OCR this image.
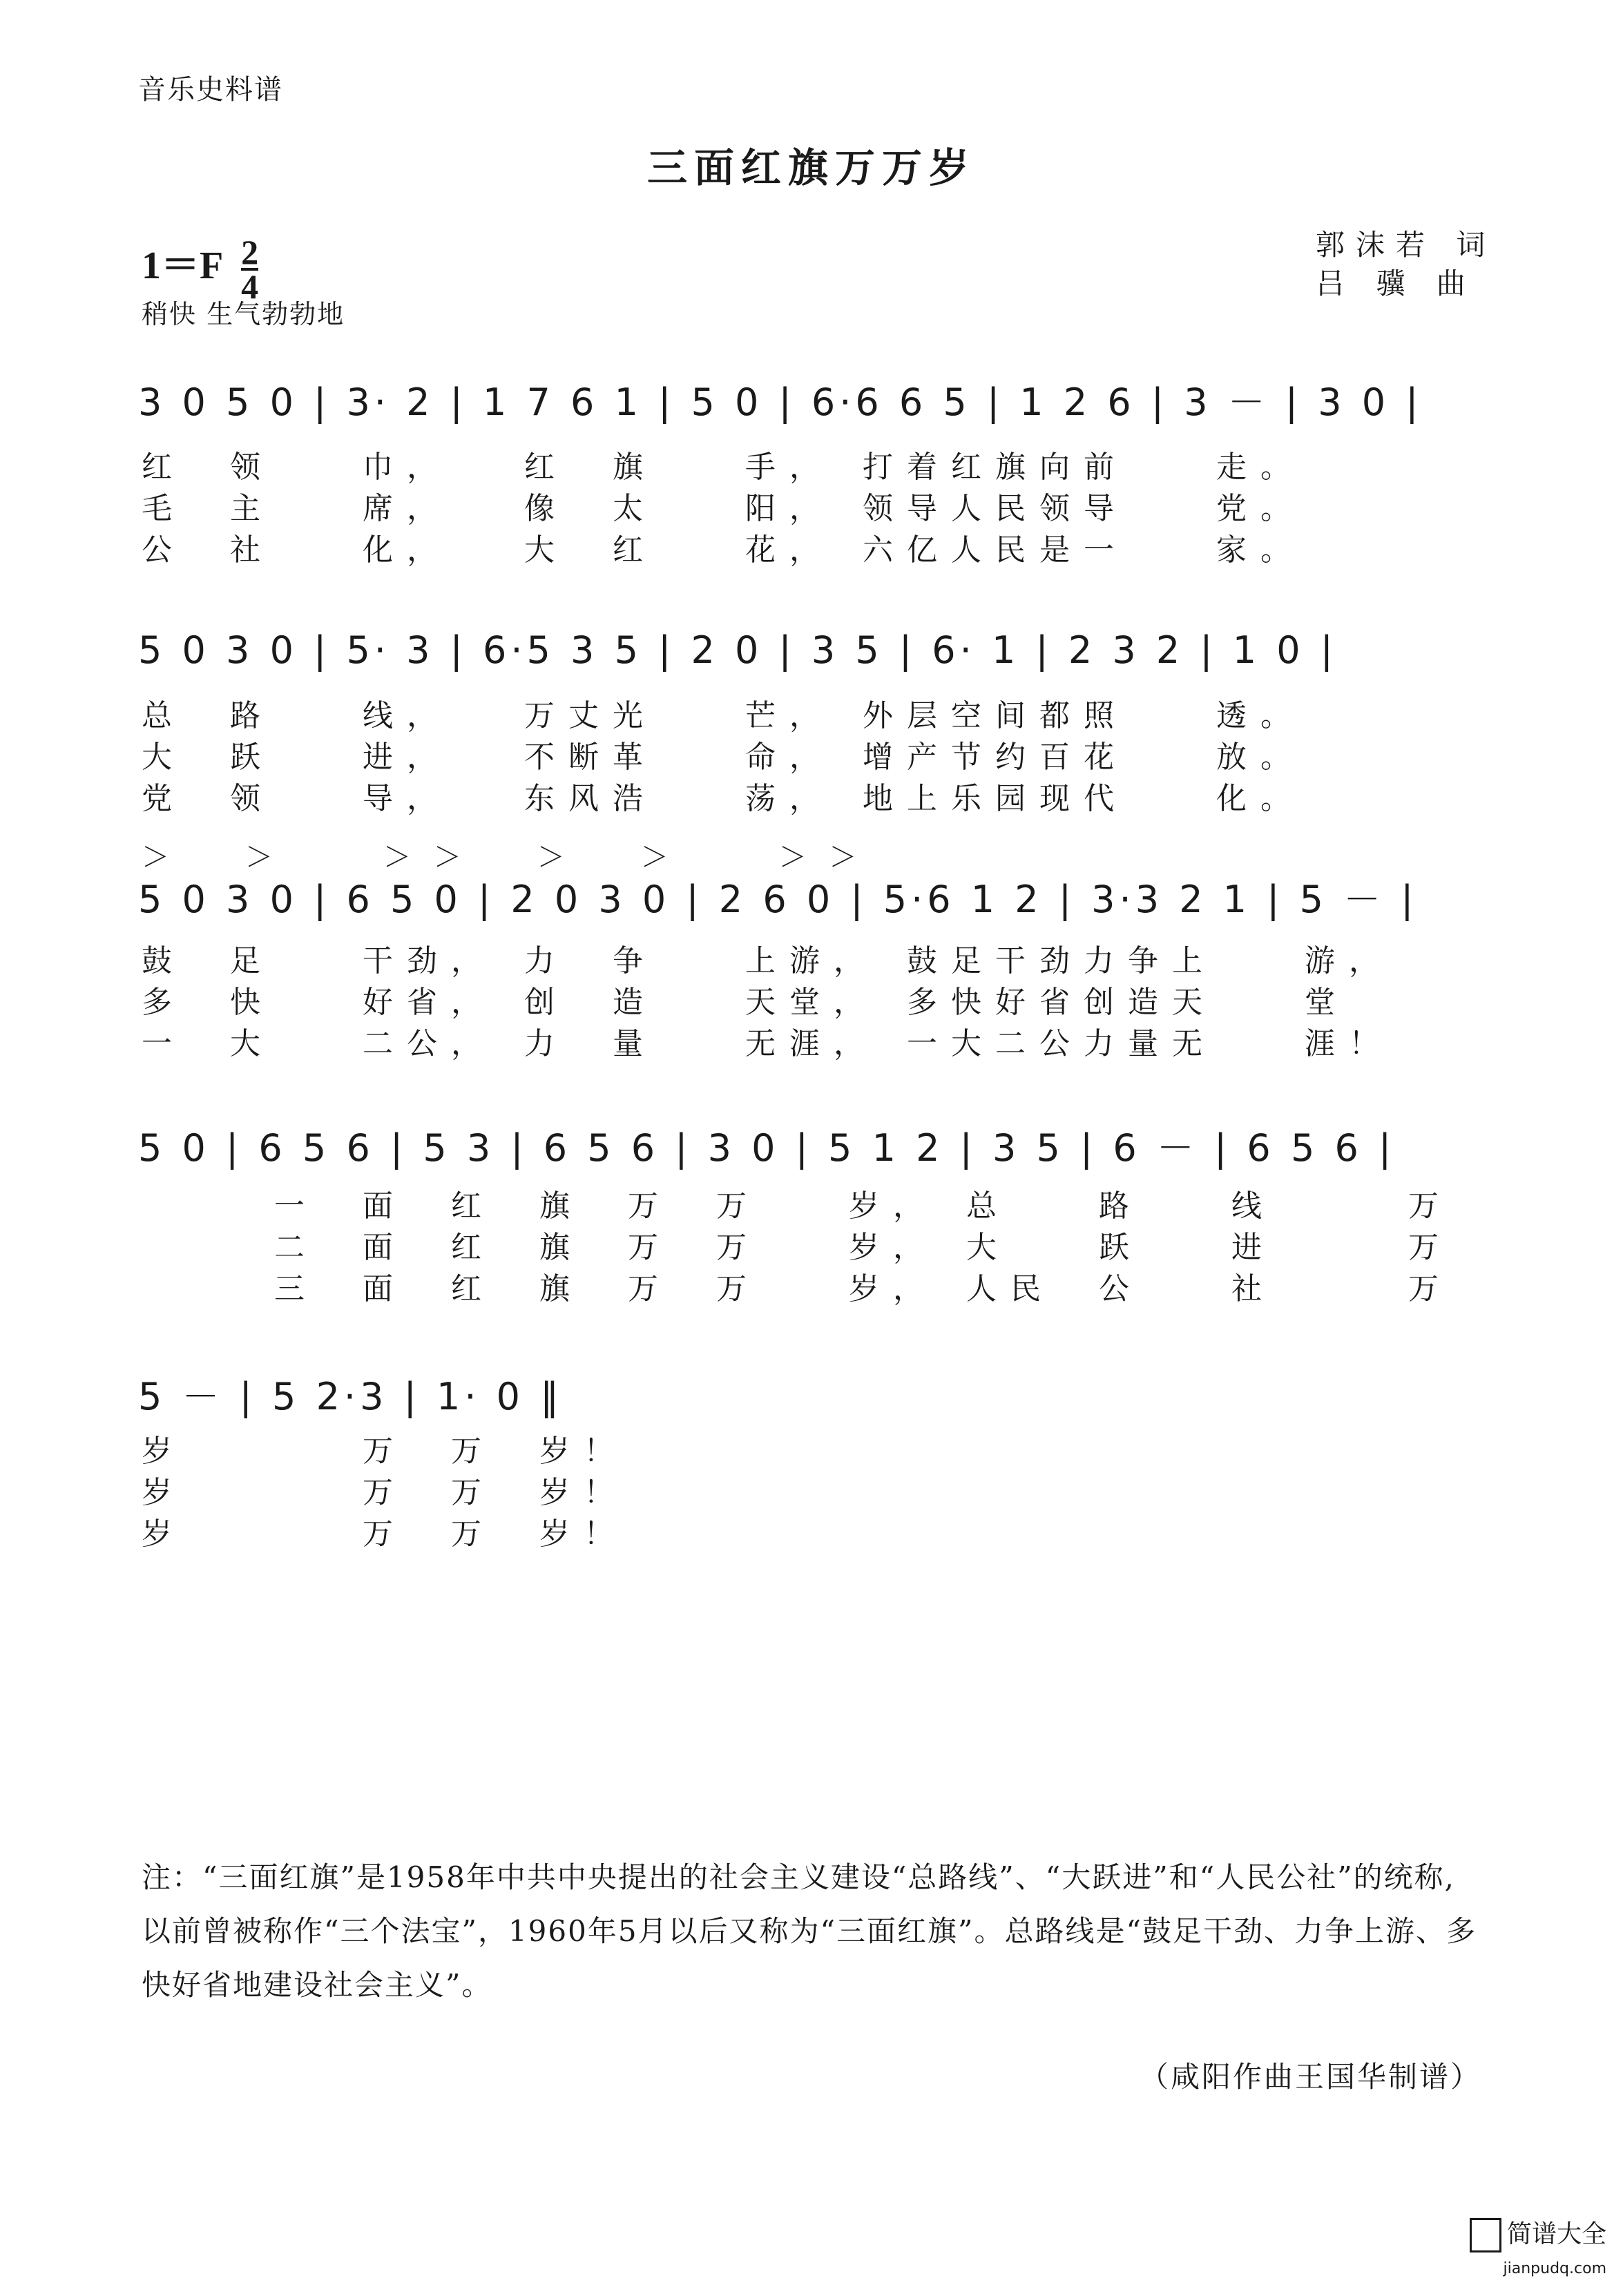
音乐史料谱
三面红旗万万岁
$1=F \frac{2}{4}$
稍快 生气勃勃地
郭沫若 词
吕 骥 曲
3 0 5 0 | 3· 2 | 1 7 6 1 | 5 0 | 6·6 6 5 | 1 2 6 | 3 － | 3 0 |
红　领　　巾，　　红　旗　　手，　打着红旗向前　　走。
毛　主　　席，　　像　太　　阳，　领导人民领导　　党。
公　社　　化，　　大　红　　花，　六亿人民是一　　家。
5 0 3 0 | 5· 3 | 6·5 3 5 | 2 0 | 3 5 | 6· 1 | 2 3 2 | 1 0 |
总　路　　线，　　万丈光　　芒，　外层空间都照　　透。
大　跃　　进，　　不断革　　命，　增产节约百花　　放。
党　领　　导，　　东风浩　　荡，　地上乐园现代　　化。
＞　　＞　　　＞ ＞　　＞　　＞　　　＞ ＞
5 0 3 0 | 6 5 0 | 2 0 3 0 | 2 6 0 | 5·6 1 2 | 3·3 2 1 | 5 － |
鼓　足　　干劲，　力　争　　上游，　鼓足干劲力争上　　游，
多　快　　好省，　创　造　　天堂，　多快好省创造天　　堂
一　大　　二公，　力　量　　无涯，　一大二公力量无　　涯！
5 0 | 6 5 6 | 5 3 | 6 5 6 | 3 0 | 5 1 2 | 3 5 | 6 － | 6 5 6 |
　　　一　面　红　旗　万　万　　岁，　总　　路　　线　　　万
　　　二　面　红　旗　万　万　　岁，　大　　跃　　进　　　万
　　　三　面　红　旗　万　万　　岁，　人民　公　　社　　　万
5 － | 5 2·3 | 1· 0 ‖
岁　　　　万　万　岁！
岁　　　　万　万　岁！
岁　　　　万　万　岁！
注：“三面红旗”是1958年中共中央提出的社会主义建设“总路线”、“大跃进”和“人民公社”的统称,以前曾被称作“三个法宝”，1960年5月以后又称为“三面红旗”。总路线是“鼓足干劲、力争上游、多快好省地建设社会主义”。
（咸阳作曲王国华制谱）
简谱大全
jianpudq.com
